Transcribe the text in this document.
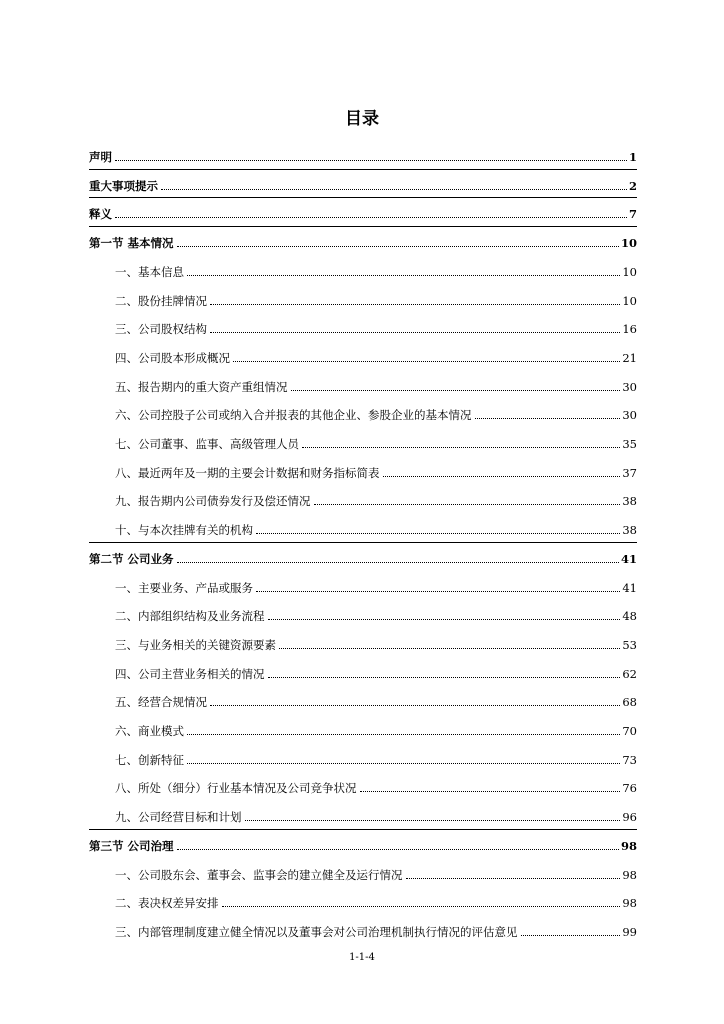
目录
声明	1
重大事项提示	2
释义	7
第一节 基本情况	10
一、基本信息	10
二、股份挂牌情况	10
三、公司股权结构	16
四、公司股本形成概况	21
五、报告期内的重大资产重组情况	30
六、公司控股子公司或纳入合并报表的其他企业、参股企业的基本情况	30
七、公司董事、监事、高级管理人员	35
八、最近两年及一期的主要会计数据和财务指标简表	37
九、报告期内公司债券发行及偿还情况	38
十、与本次挂牌有关的机构	38
第二节 公司业务	41
一、主要业务、产品或服务	41
二、内部组织结构及业务流程	48
三、与业务相关的关键资源要素	53
四、公司主营业务相关的情况	62
五、经营合规情况	68
六、商业模式	70
七、创新特征	73
八、所处（细分）行业基本情况及公司竞争状况	76
九、公司经营目标和计划	96
第三节 公司治理	98
一、公司股东会、董事会、监事会的建立健全及运行情况	98
二、表决权差异安排	98
三、内部管理制度建立健全情况以及董事会对公司治理机制执行情况的评估意见	99
1-1-4
